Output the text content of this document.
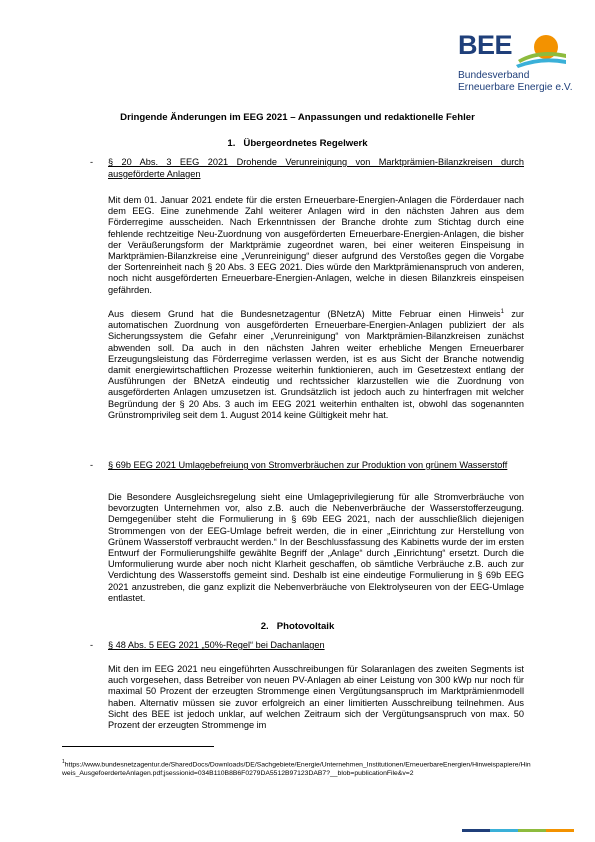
BEE
Bundesverband
Erneuerbare Energie e.V.
Dringende Änderungen im EEG 2021 – Anpassungen und redaktionelle Fehler
1. Übergeordnetes Regelwerk
- § 20 Abs. 3 EEG 2021 Drohende Verunreinigung von Marktprämien-Bilanzkreisen durch ausgeförderte Anlagen
Mit dem 01. Januar 2021 endete für die ersten Erneuerbare-Energien-Anlagen die Förderdauer nach dem EEG. Eine zunehmende Zahl weiterer Anlagen wird in den nächsten Jahren aus dem Förderregime ausscheiden. Nach Erkenntnissen der Branche drohte zum Stichtag durch eine fehlende rechtzeitige Neu-Zuordnung von ausgeförderten Erneuerbare-Energien-Anlagen, die bisher der Veräußerungsform der Marktprämie zugeordnet waren, bei einer weiteren Einspeisung in Marktprämien-Bilanzkreise eine „Verunreinigung“ dieser aufgrund des Verstoßes gegen die Vorgabe der Sortenreinheit nach § 20 Abs. 3 EEG 2021. Dies würde den Marktprämienanspruch von anderen, noch nicht ausgeförderten Erneuerbare-Energien-Anlagen, welche in diesen Bilanzkreis einspeisen gefährden.
Aus diesem Grund hat die Bundesnetzagentur (BNetzA) Mitte Februar einen Hinweis$^1$ zur automatischen Zuordnung von ausgeförderten Erneuerbare-Energien-Anlagen publiziert der als Sicherungssystem die Gefahr einer „Verunreinigung“ von Marktprämien-Bilanzkreisen zunächst abwenden soll. Da auch in den nächsten Jahren weiter erhebliche Mengen Erneuerbarer Erzeugungsleistung das Förderregime verlassen werden, ist es aus Sicht der Branche notwendig damit energiewirtschaftlichen Prozesse weiterhin funktionieren, auch im Gesetzestext entlang der Ausführungen der BNetzA eindeutig und rechtssicher klarzustellen wie die Zuordnung von ausgeförderten Anlagen umzusetzen ist. Grundsätzlich ist jedoch auch zu hinterfragen mit welcher Begründung der § 20 Abs. 3 auch im EEG 2021 weiterhin enthalten ist, obwohl das sogenannten Grünstromprivileg seit dem 1. August 2014 keine Gültigkeit mehr hat.
- § 69b EEG 2021 Umlagebefreiung von Stromverbräuchen zur Produktion von grünem Wasserstoff
Die Besondere Ausgleichsregelung sieht eine Umlageprivilegierung für alle Stromverbräuche von bevorzugten Unternehmen vor, also z.B. auch die Nebenverbräuche der Wasserstofferzeugung. Demgegenüber steht die Formulierung in § 69b EEG 2021, nach der ausschließlich diejenigen Strommengen von der EEG-Umlage befreit werden, die in einer „Einrichtung zur Herstellung von Grünem Wasserstoff verbraucht werden.“ In der Beschlussfassung des Kabinetts wurde der im ersten Entwurf der Formulierungshilfe gewählte Begriff der „Anlage“ durch „Einrichtung“ ersetzt. Durch die Umformulierung wurde aber noch nicht Klarheit geschaffen, ob sämtliche Verbräuche z.B. auch zur Verdichtung des Wasserstoffs gemeint sind. Deshalb ist eine eindeutige Formulierung in § 69b EEG 2021 anzustreben, die ganz explizit die Nebenverbräuche von Elektrolyseuren von der EEG-Umlage entlastet.
2. Photovoltaik
- § 48 Abs. 5 EEG 2021 „50%-Regel“ bei Dachanlagen
Mit den im EEG 2021 neu eingeführten Ausschreibungen für Solaranlagen des zweiten Segments ist auch vorgesehen, dass Betreiber von neuen PV-Anlagen ab einer Leistung von 300 kWp nur noch für maximal 50 Prozent der erzeugten Strommenge einen Vergütungsanspruch im Marktprämienmodell haben. Alternativ müssen sie zuvor erfolgreich an einer limitierten Ausschreibung teilnehmen. Aus Sicht des BEE ist jedoch unklar, auf welchen Zeitraum sich der Vergütungsanspruch von max. 50 Prozent der erzeugten Strommenge im
$^1$https://www.bundesnetzagentur.de/SharedDocs/Downloads/DE/Sachgebiete/Energie/Unternehmen_Institutionen/ErneuerbareEnergien/Hinweispapiere/Hinweis_AusgefoerderteAnlagen.pdf;jsessionid=034B110B8B6F0279DA5512B97123DAB7?__blob=publicationFile&v=2
